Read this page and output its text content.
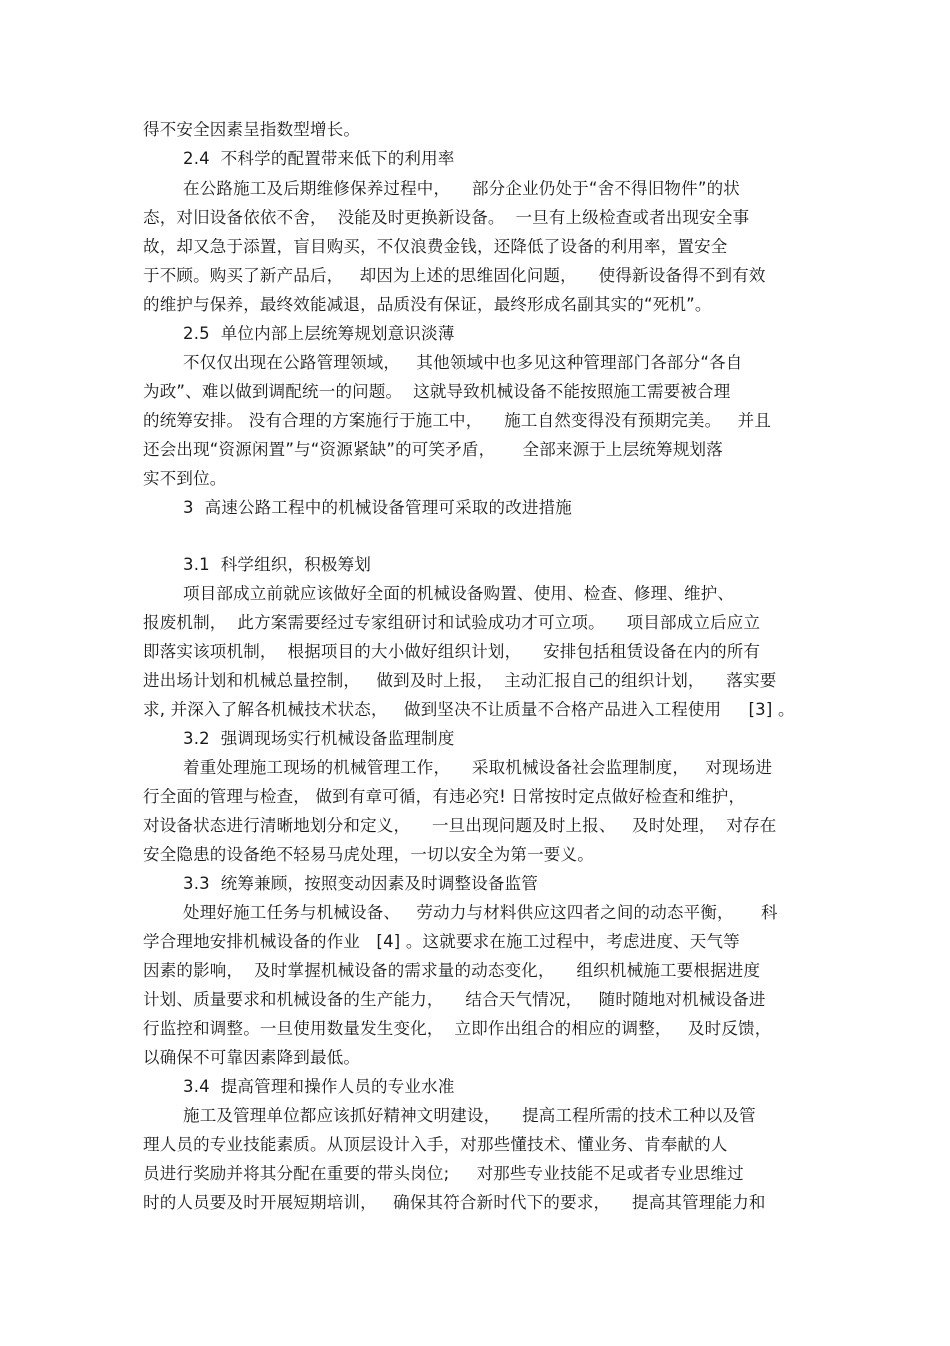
得不安全因素呈指数型增长。
2.4  不科学的配置带来低下的利用率
在公路施工及后期维修保养过程中，    部分企业仍处于“舍不得旧物件”的状
态，对旧设备依依不舍，  没能及时更换新设备。  一旦有上级检查或者出现安全事
故，却又急于添置，盲目购买，不仅浪费金钱，还降低了设备的利用率，置安全
于不顾。购买了新产品后，   却因为上述的思维固化问题，    使得新设备得不到有效
的维护与保养，最终效能减退，品质没有保证，最终形成名副其实的“死机”。
2.5  单位内部上层统筹规划意识淡薄
不仅仅出现在公路管理领域，   其他领域中也多见这种管理部门各部分“各自
为政”、难以做到调配统一的问题。  这就导致机械设备不能按照施工需要被合理
的统筹安排。 没有合理的方案施行于施工中，    施工自然变得没有预期完美。   并且
还会出现“资源闲置”与“资源紧缺”的可笑矛盾，     全部来源于上层统筹规划落
实不到位。
3  高速公路工程中的机械设备管理可采取的改进措施
3.1  科学组织，积极筹划
项目部成立前就应该做好全面的机械设备购置、使用、检查、修理、维护、
报废机制，  此方案需要经过专家组研讨和试验成功才可立项。    项目部成立后应立
即落实该项机制，  根据项目的大小做好组织计划，    安排包括租赁设备在内的所有
进出场计划和机械总量控制，   做到及时上报，  主动汇报自己的组织计划，    落实要
求, 并深入了解各机械技术状态，   做到坚决不让质量不合格产品进入工程使用     [3] 。
3.2  强调现场实行机械设备监理制度
着重处理施工现场的机械管理工作，    采取机械设备社会监理制度，   对现场进
行全面的管理与检查， 做到有章可循，有违必究! 日常按时定点做好检查和维护，
对设备状态进行清晰地划分和定义，    一旦出现问题及时上报、   及时处理，  对存在
安全隐患的设备绝不轻易马虎处理，一切以安全为第一要义。
3.3  统筹兼顾，按照变动因素及时调整设备监管
处理好施工任务与机械设备、   劳动力与材料供应这四者之间的动态平衡，     科
学合理地安排机械设备的作业   [4] 。这就要求在施工过程中，考虑进度、天气等
因素的影响，  及时掌握机械设备的需求量的动态变化，    组织机械施工要根据进度
计划、质量要求和机械设备的生产能力，    结合天气情况，   随时随地对机械设备进
行监控和调整。一旦使用数量发生变化，  立即作出组合的相应的调整，   及时反馈，
以确保不可靠因素降到最低。
3.4  提高管理和操作人员的专业水准
施工及管理单位都应该抓好精神文明建设，    提高工程所需的技术工种以及管
理人员的专业技能素质。从顶层设计入手，对那些懂技术、懂业务、肯奉献的人
员进行奖励并将其分配在重要的带头岗位;     对那些专业技能不足或者专业思维过
时的人员要及时开展短期培训，   确保其符合新时代下的要求，    提高其管理能力和
